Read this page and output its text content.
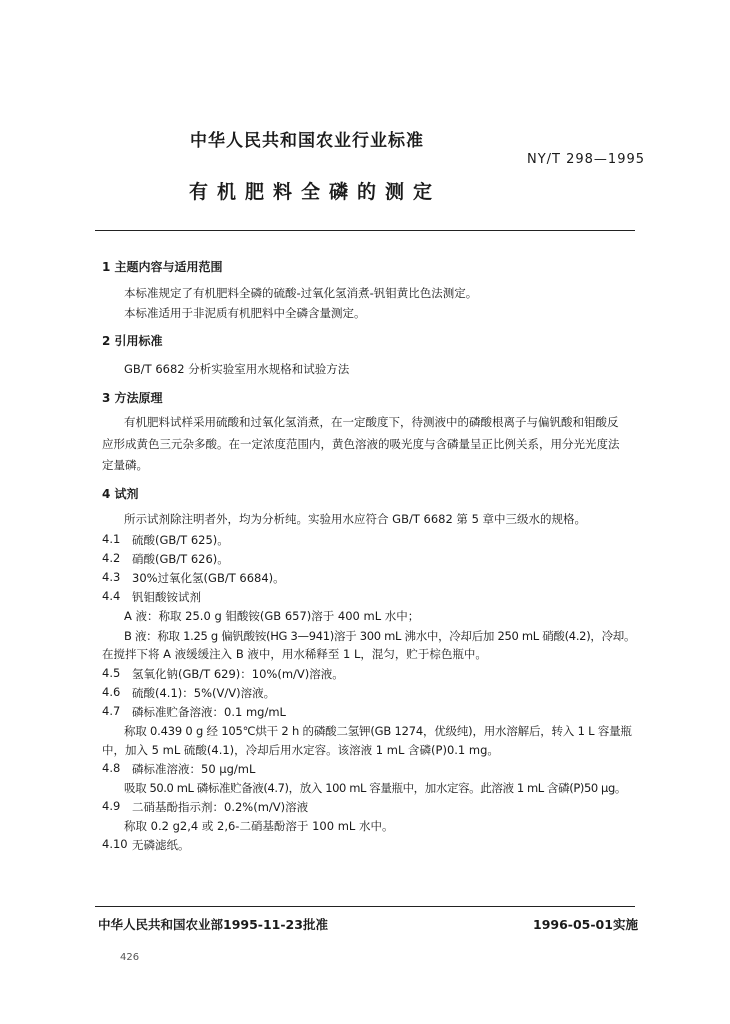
中华人民共和国农业行业标准
NY/T 298—1995
有机肥料全磷的测定
1 主题内容与适用范围
本标准规定了有机肥料全磷的硫酸-过氧化氢消煮-钒钼黄比色法测定。
本标准适用于非泥质有机肥料中全磷含量测定。
2 引用标准
GB/T 6682 分析实验室用水规格和试验方法
3 方法原理
有机肥料试样采用硫酸和过氧化氢消煮，在一定酸度下，待测液中的磷酸根离子与偏钒酸和钼酸反
应形成黄色三元杂多酸。在一定浓度范围内，黄色溶液的吸光度与含磷量呈正比例关系，用分光光度法
定量磷。
4 试剂
所示试剂除注明者外，均为分析纯。实验用水应符合 GB/T 6682 第 5 章中三级水的规格。
4.1 硫酸(GB/T 625)。
4.2 硝酸(GB/T 626)。
4.3 30%过氧化氢(GB/T 6684)。
4.4 钒钼酸铵试剂
A 液：称取 25.0 g 钼酸铵(GB 657)溶于 400 mL 水中；
B 液：称取 1.25 g 偏钒酸铵(HG 3—941)溶于 300 mL 沸水中，冷却后加 250 mL 硝酸(4.2)，冷却。
在搅拌下将 A 液缓缓注入 B 液中，用水稀释至 1 L，混匀，贮于棕色瓶中。
4.5 氢氧化钠(GB/T 629)：10%(m/V)溶液。
4.6 硫酸(4.1)：5%(V/V)溶液。
4.7 磷标准贮备溶液：0.1 mg/mL
称取 0.439 0 g 经 105℃烘干 2 h 的磷酸二氢钾(GB 1274，优级纯)，用水溶解后，转入 1 L 容量瓶
中，加入 5 mL 硫酸(4.1)，冷却后用水定容。该溶液 1 mL 含磷(P)0.1 mg。
4.8 磷标准溶液：50 μg/mL
吸取 50.0 mL 磷标准贮备液(4.7)，放入 100 mL 容量瓶中，加水定容。此溶液 1 mL 含磷(P)50 μg。
4.9 二硝基酚指示剂：0.2%(m/V)溶液
称取 0.2 g2,4 或 2,6-二硝基酚溶于 100 mL 水中。
4.10 无磷滤纸。
中华人民共和国农业部1995-11-23批准	1996-05-01实施
426
